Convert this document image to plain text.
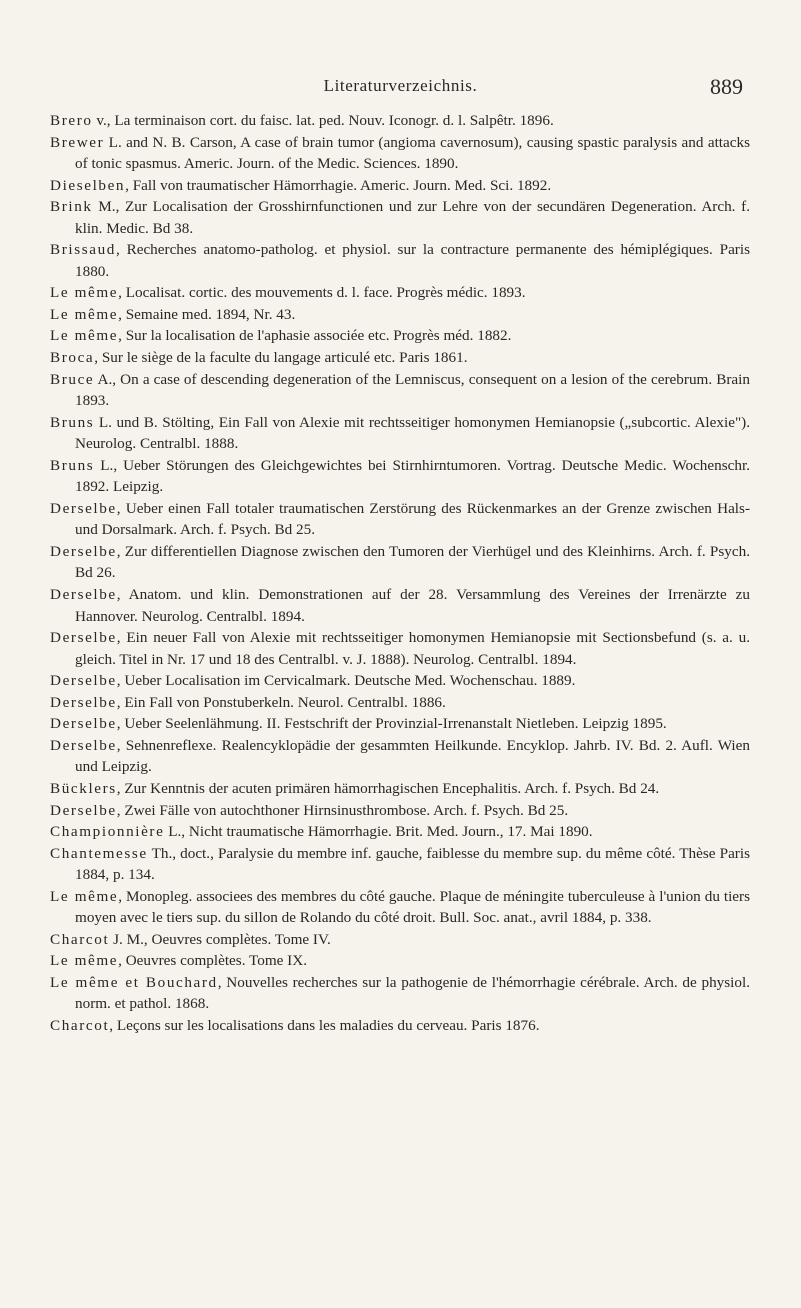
Literaturverzeichnis.	889

Brero v., La terminaison cort. du faisc. lat. ped. Nouv. Iconogr. d. l. Salpêtr. 1896.

Brewer L. and N. B. Carson, A case of brain tumor (angioma cavernosum), causing spastic paralysis and attacks of tonic spasmus. Americ. Journ. of the Medic. Sciences. 1890.

Dieselben, Fall von traumatischer Hämorrhagie. Americ. Journ. Med. Sci. 1892.

Brink M., Zur Localisation der Grosshirnfunctionen und zur Lehre von der secundären Degeneration. Arch. f. klin. Medic. Bd 38.

Brissaud, Recherches anatomo-patholog. et physiol. sur la contracture permanente des hémiplégiques. Paris 1880.

Le même, Localisat. cortic. des mouvements d. l. face. Progrès médic. 1893.

Le même, Semaine med. 1894, Nr. 43.

Le même, Sur la localisation de l'aphasie associée etc. Progrès méd. 1882.

Broca, Sur le siège de la faculte du langage articulé etc. Paris 1861.

Bruce A., On a case of descending degeneration of the Lemniscus, consequent on a lesion of the cerebrum. Brain 1893.

Bruns L. und B. Stölting, Ein Fall von Alexie mit rechtsseitiger homonymen Hemianopsie („subcortic. Alexie"). Neurolog. Centralbl. 1888.

Bruns L., Ueber Störungen des Gleichgewichtes bei Stirnhirntumoren. Vortrag. Deutsche Medic. Wochenschr. 1892. Leipzig.

Derselbe, Ueber einen Fall totaler traumatischen Zerstörung des Rückenmarkes an der Grenze zwischen Hals- und Dorsalmark. Arch. f. Psych. Bd 25.

Derselbe, Zur differentiellen Diagnose zwischen den Tumoren der Vierhügel und des Kleinhirns. Arch. f. Psych. Bd 26.

Derselbe, Anatom. und klin. Demonstrationen auf der 28. Versammlung des Vereines der Irrenärzte zu Hannover. Neurolog. Centralbl. 1894.

Derselbe, Ein neuer Fall von Alexie mit rechtsseitiger homonymen Hemianopsie mit Sectionsbefund (s. a. u. gleich. Titel in Nr. 17 und 18 des Centralbl. v. J. 1888). Neurolog. Centralbl. 1894.

Derselbe, Ueber Localisation im Cervicalmark. Deutsche Med. Wochenschau. 1889.

Derselbe, Ein Fall von Ponstuberkeln. Neurol. Centralbl. 1886.

Derselbe, Ueber Seelenlähmung. II. Festschrift der Provinzial-Irrenanstalt Nietleben. Leipzig 1895.

Derselbe, Sehnenreflexe. Realencyklopädie der gesammten Heilkunde. Encyklop. Jahrb. IV. Bd. 2. Aufl. Wien und Leipzig.

Bücklers, Zur Kenntnis der acuten primären hämorrhagischen Encephalitis. Arch. f. Psych. Bd 24.

Derselbe, Zwei Fälle von autochthoner Hirnsinusthrombose. Arch. f. Psych. Bd 25.

Championnière L., Nicht traumatische Hämorrhagie. Brit. Med. Journ., 17. Mai 1890.

Chantemesse Th., doct., Paralysie du membre inf. gauche, faiblesse du membre sup. du même côté. Thèse Paris 1884, p. 134.

Le même, Monopleg. associees des membres du côté gauche. Plaque de méningite tuberculeuse à l'union du tiers moyen avec le tiers sup. du sillon de Rolando du côté droit. Bull. Soc. anat., avril 1884, p. 338.

Charcot J. M., Oeuvres complètes. Tome IV.

Le même, Oeuvres complètes. Tome IX.

Le même et Bouchard, Nouvelles recherches sur la pathogenie de l'hémorrhagie cérébrale. Arch. de physiol. norm. et pathol. 1868.

Charcot, Leçons sur les localisations dans les maladies du cerveau. Paris 1876.
